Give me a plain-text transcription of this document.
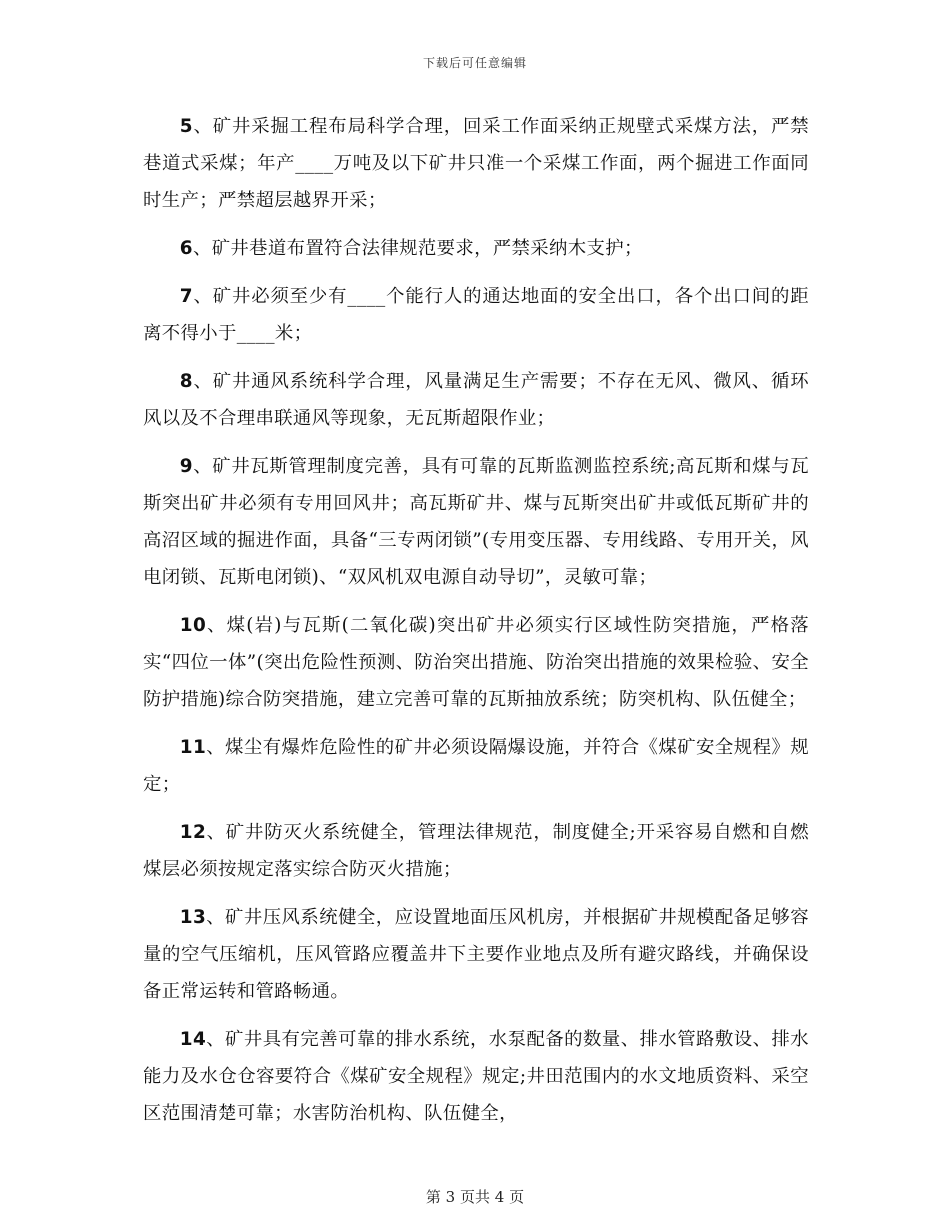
下载后可任意编辑

5、矿井采掘工程布局科学合理，回采工作面采纳正规壁式采煤方法，严禁巷道式采煤；年产____万吨及以下矿井只准一个采煤工作面，两个掘进工作面同时生产；严禁超层越界开采；

6、矿井巷道布置符合法律规范要求，严禁采纳木支护；

7、矿井必须至少有____个能行人的通达地面的安全出口，各个出口间的距离不得小于____米；

8、矿井通风系统科学合理，风量满足生产需要；不存在无风、微风、循环风以及不合理串联通风等现象，无瓦斯超限作业；

9、矿井瓦斯管理制度完善，具有可靠的瓦斯监测监控系统;高瓦斯和煤与瓦斯突出矿井必须有专用回风井；高瓦斯矿井、煤与瓦斯突出矿井或低瓦斯矿井的高沼区域的掘进作面，具备“三专两闭锁”(专用变压器、专用线路、专用开关，风电闭锁、瓦斯电闭锁)、“双风机双电源自动导切”，灵敏可靠；

10、煤(岩)与瓦斯(二氧化碳)突出矿井必须实行区域性防突措施，严格落实“四位一体”(突出危险性预测、防治突出措施、防治突出措施的效果检验、安全防护措施)综合防突措施，建立完善可靠的瓦斯抽放系统；防突机构、队伍健全；

11、煤尘有爆炸危险性的矿井必须设隔爆设施，并符合《煤矿安全规程》规定；

12、矿井防灭火系统健全，管理法律规范，制度健全;开采容易自燃和自燃煤层必须按规定落实综合防灭火措施；

13、矿井压风系统健全，应设置地面压风机房，并根据矿井规模配备足够容量的空气压缩机，压风管路应覆盖井下主要作业地点及所有避灾路线，并确保设备正常运转和管路畅通。

14、矿井具有完善可靠的排水系统，水泵配备的数量、排水管路敷设、排水能力及水仓仓容要符合《煤矿安全规程》规定;井田范围内的水文地质资料、采空区范围清楚可靠；水害防治机构、队伍健全，

第 3 页共 4 页
